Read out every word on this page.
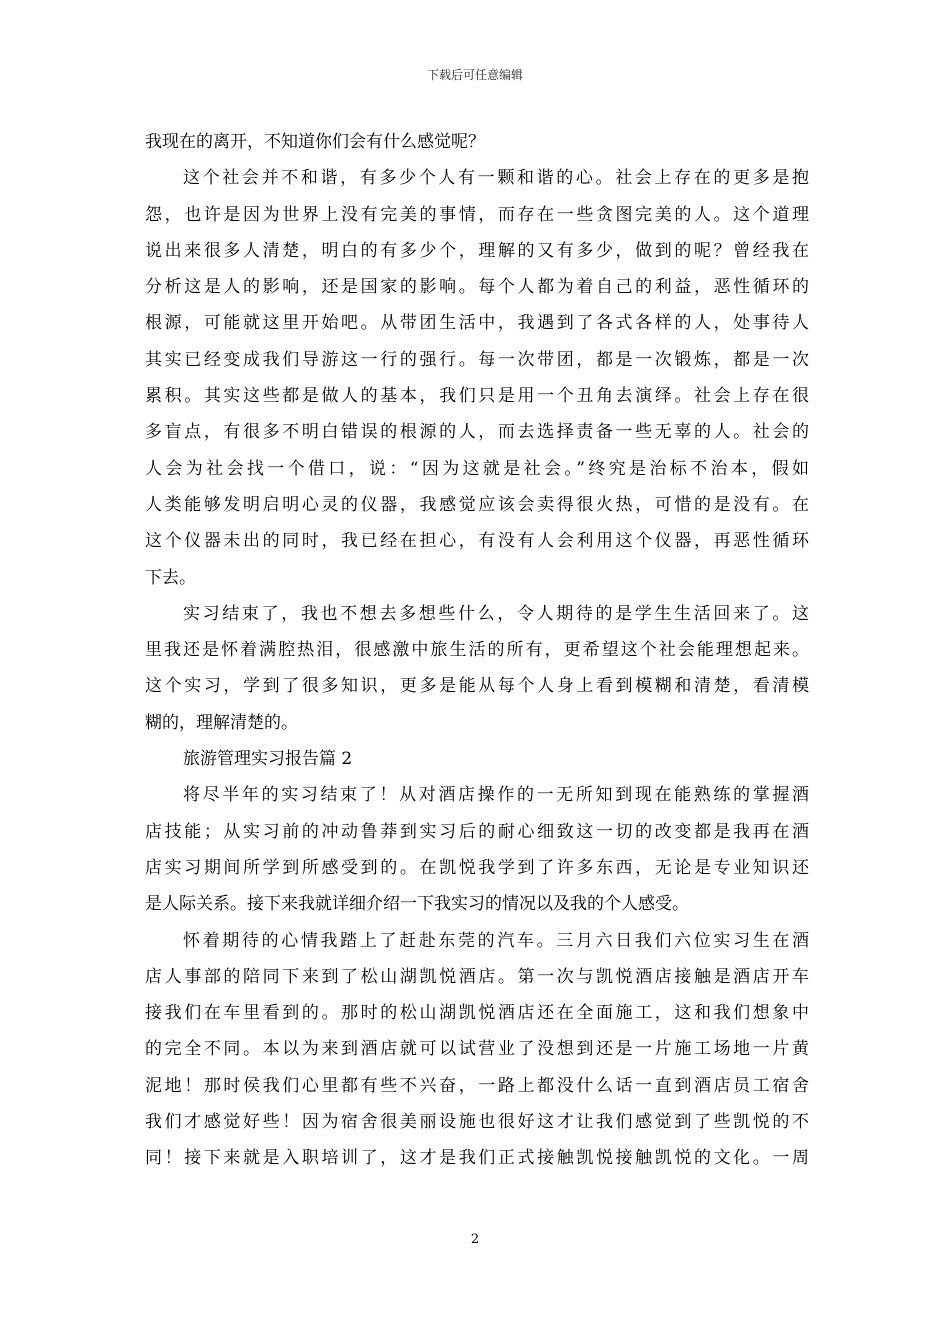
下载后可任意编辑
我现在的离开，不知道你们会有什么感觉呢？
这个社会并不和谐，有多少个人有一颗和谐的心。社会上存在的更多是抱
怨，也许是因为世界上没有完美的事情，而存在一些贪图完美的人。这个道理
说出来很多人清楚，明白的有多少个，理解的又有多少，做到的呢？曾经我在
分析这是人的影响，还是国家的影响。每个人都为着自己的利益，恶性循环的
根源，可能就这里开始吧。从带团生活中，我遇到了各式各样的人，处事待人
其实已经变成我们导游这一行的强行。每一次带团，都是一次锻炼，都是一次
累积。其实这些都是做人的基本，我们只是用一个丑角去演绎。社会上存在很
多盲点，有很多不明白错误的根源的人，而去选择责备一些无辜的人。社会的
人会为社会找一个借口，说：“因为这就是社会。”终究是治标不治本，假如
人类能够发明启明心灵的仪器，我感觉应该会卖得很火热，可惜的是没有。在
这个仪器未出的同时，我已经在担心，有没有人会利用这个仪器，再恶性循环
下去。
实习结束了，我也不想去多想些什么，令人期待的是学生生活回来了。这
里我还是怀着满腔热泪，很感激中旅生活的所有，更希望这个社会能理想起来。
这个实习，学到了很多知识，更多是能从每个人身上看到模糊和清楚，看清模
糊的，理解清楚的。
旅游管理实习报告篇 2
将尽半年的实习结束了！从对酒店操作的一无所知到现在能熟练的掌握酒
店技能；从实习前的冲动鲁莽到实习后的耐心细致这一切的改变都是我再在酒
店实习期间所学到所感受到的。在凯悦我学到了许多东西，无论是专业知识还
是人际关系。接下来我就详细介绍一下我实习的情况以及我的个人感受。
怀着期待的心情我踏上了赶赴东莞的汽车。三月六日我们六位实习生在酒
店人事部的陪同下来到了松山湖凯悦酒店。第一次与凯悦酒店接触是酒店开车
接我们在车里看到的。那时的松山湖凯悦酒店还在全面施工，这和我们想象中
的完全不同。本以为来到酒店就可以试营业了没想到还是一片施工场地一片黄
泥地！那时侯我们心里都有些不兴奋，一路上都没什么话一直到酒店员工宿舍
我们才感觉好些！因为宿舍很美丽设施也很好这才让我们感觉到了些凯悦的不
同！接下来就是入职培训了，这才是我们正式接触凯悦接触凯悦的文化。一周
2
